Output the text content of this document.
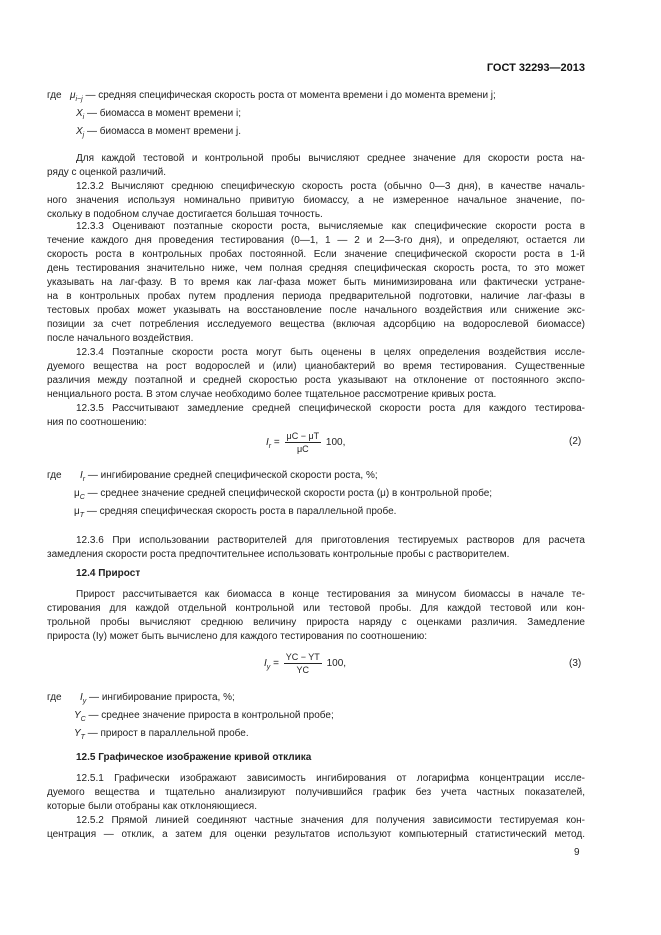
ГОСТ 32293—2013
где $\mu_{i-j}$ — средняя специфическая скорость роста от момента времени i до момента времени j;
$X_i$ — биомасса в момент времени i;
$X_j$ — биомасса в момент времени j.
Для каждой тестовой и контрольной пробы вычисляют среднее значение для скорости роста на-
ряду с оценкой различий.
12.3.2 Вычисляют среднюю специфическую скорость роста (обычно 0—3 дня), в качестве началь-
ного значения используя номинально привитую биомассу, а не измеренное начальное значение, по-
скольку в подобном случае достигается большая точность.
12.3.3 Оценивают поэтапные скорости роста, вычисляемые как специфические скорости роста в
течение каждого дня проведения тестирования (0—1, 1 — 2 и 2—3-го дня), и определяют, остается ли
скорость роста в контрольных пробах постоянной. Если значение специфической скорости роста в 1-й
день тестирования значительно ниже, чем полная средняя специфическая скорость роста, то это может
указывать на лаг-фазу. В то время как лаг-фаза может быть минимизирована или фактически устране-
на в контрольных пробах путем продления периода предварительной подготовки, наличие лаг-фазы в
тестовых пробах может указывать на восстановление после начального воздействия или снижение экс-
позиции за счет потребления исследуемого вещества (включая адсорбцию на водорослевой биомассе)
после начального воздействия.
12.3.4 Поэтапные скорости роста могут быть оценены в целях определения воздействия иссле-
дуемого вещества на рост водорослей и (или) цианобактерий во время тестирования. Существенные
различия между поэтапной и средней скоростью роста указывают на отклонение от постоянного экспо-
ненциального роста. В этом случае необходимо более тщательное рассмотрение кривых роста.
12.3.5 Рассчитывают замедление средней специфической скорости роста для каждого тестирова-
ния по соотношению:
$I_r = \frac{\mu C - \mu T}{\mu C} 100$,	(2)
где $I_r$ — ингибирование средней специфической скорости роста, %;
$\mu_C$ — среднее значение средней специфической скорости роста (μ) в контрольной пробе;
$\mu_T$ — средняя специфическая скорость роста в параллельной пробе.
12.3.6 При использовании растворителей для приготовления тестируемых растворов для расчета
замедления скорости роста предпочтительнее использовать контрольные пробы с растворителем.
12.4 Прирост
Прирост рассчитывается как биомасса в конце тестирования за минусом биомассы в начале те-
стирования для каждой отдельной контрольной или тестовой пробы. Для каждой тестовой или кон-
трольной пробы вычисляют среднюю величину прироста наряду с оценками различия. Замедление
прироста (Iy) может быть вычислено для каждого тестирования по соотношению:
$I_y = \frac{YC - YT}{YC} 100$,	(3)
где $I_y$ — ингибирование прироста, %;
$Y_C$ — среднее значение прироста в контрольной пробе;
$Y_T$ — прирост в параллельной пробе.
12.5 Графическое изображение кривой отклика
12.5.1 Графически изображают зависимость ингибирования от логарифма концентрации иссле-
дуемого вещества и тщательно анализируют получившийся график без учета частных показателей,
которые были отобраны как отклоняющиеся.
12.5.2 Прямой линией соединяют частные значения для получения зависимости тестируемая кон-
центрация — отклик, а затем для оценки результатов используют компьютерный статистический метод.
9
